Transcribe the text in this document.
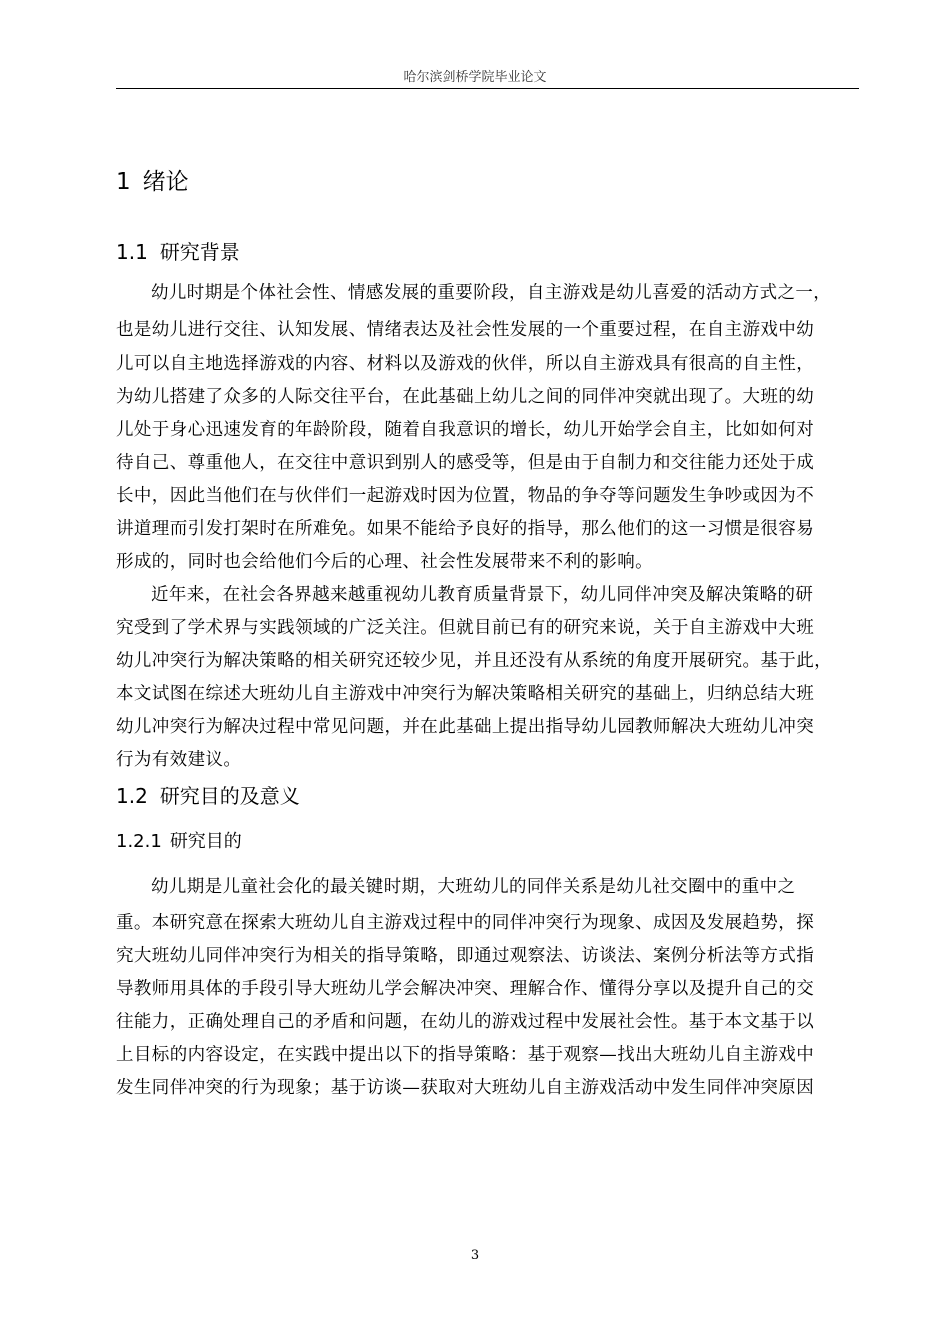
哈尔滨剑桥学院毕业论文
1 绪论
1.1 研究背景
幼儿时期是个体社会性、情感发展的重要阶段，自主游戏是幼儿喜爱的活动方式之一，
也是幼儿进行交往、认知发展、情绪表达及社会性发展的一个重要过程，在自主游戏中幼
儿可以自主地选择游戏的内容、材料以及游戏的伙伴，所以自主游戏具有很高的自主性，
为幼儿搭建了众多的人际交往平台，在此基础上幼儿之间的同伴冲突就出现了。大班的幼
儿处于身心迅速发育的年龄阶段，随着自我意识的增长，幼儿开始学会自主，比如如何对
待自己、尊重他人，在交往中意识到别人的感受等，但是由于自制力和交往能力还处于成
长中，因此当他们在与伙伴们一起游戏时因为位置，物品的争夺等问题发生争吵或因为不
讲道理而引发打架时在所难免。如果不能给予良好的指导，那么他们的这一习惯是很容易
形成的，同时也会给他们今后的心理、社会性发展带来不利的影响。
近年来，在社会各界越来越重视幼儿教育质量背景下，幼儿同伴冲突及解决策略的研
究受到了学术界与实践领域的广泛关注。但就目前已有的研究来说，关于自主游戏中大班
幼儿冲突行为解决策略的相关研究还较少见，并且还没有从系统的角度开展研究。基于此，
本文试图在综述大班幼儿自主游戏中冲突行为解决策略相关研究的基础上，归纳总结大班
幼儿冲突行为解决过程中常见问题，并在此基础上提出指导幼儿园教师解决大班幼儿冲突
行为有效建议。
1.2 研究目的及意义
1.2.1 研究目的
幼儿期是儿童社会化的最关键时期，大班幼儿的同伴关系是幼儿社交圈中的重中之
重。本研究意在探索大班幼儿自主游戏过程中的同伴冲突行为现象、成因及发展趋势，探
究大班幼儿同伴冲突行为相关的指导策略，即通过观察法、访谈法、案例分析法等方式指
导教师用具体的手段引导大班幼儿学会解决冲突、理解合作、懂得分享以及提升自己的交
往能力，正确处理自己的矛盾和问题，在幼儿的游戏过程中发展社会性。基于本文基于以
上目标的内容设定，在实践中提出以下的指导策略：基于观察—找出大班幼儿自主游戏中
发生同伴冲突的行为现象；基于访谈—获取对大班幼儿自主游戏活动中发生同伴冲突原因
3
